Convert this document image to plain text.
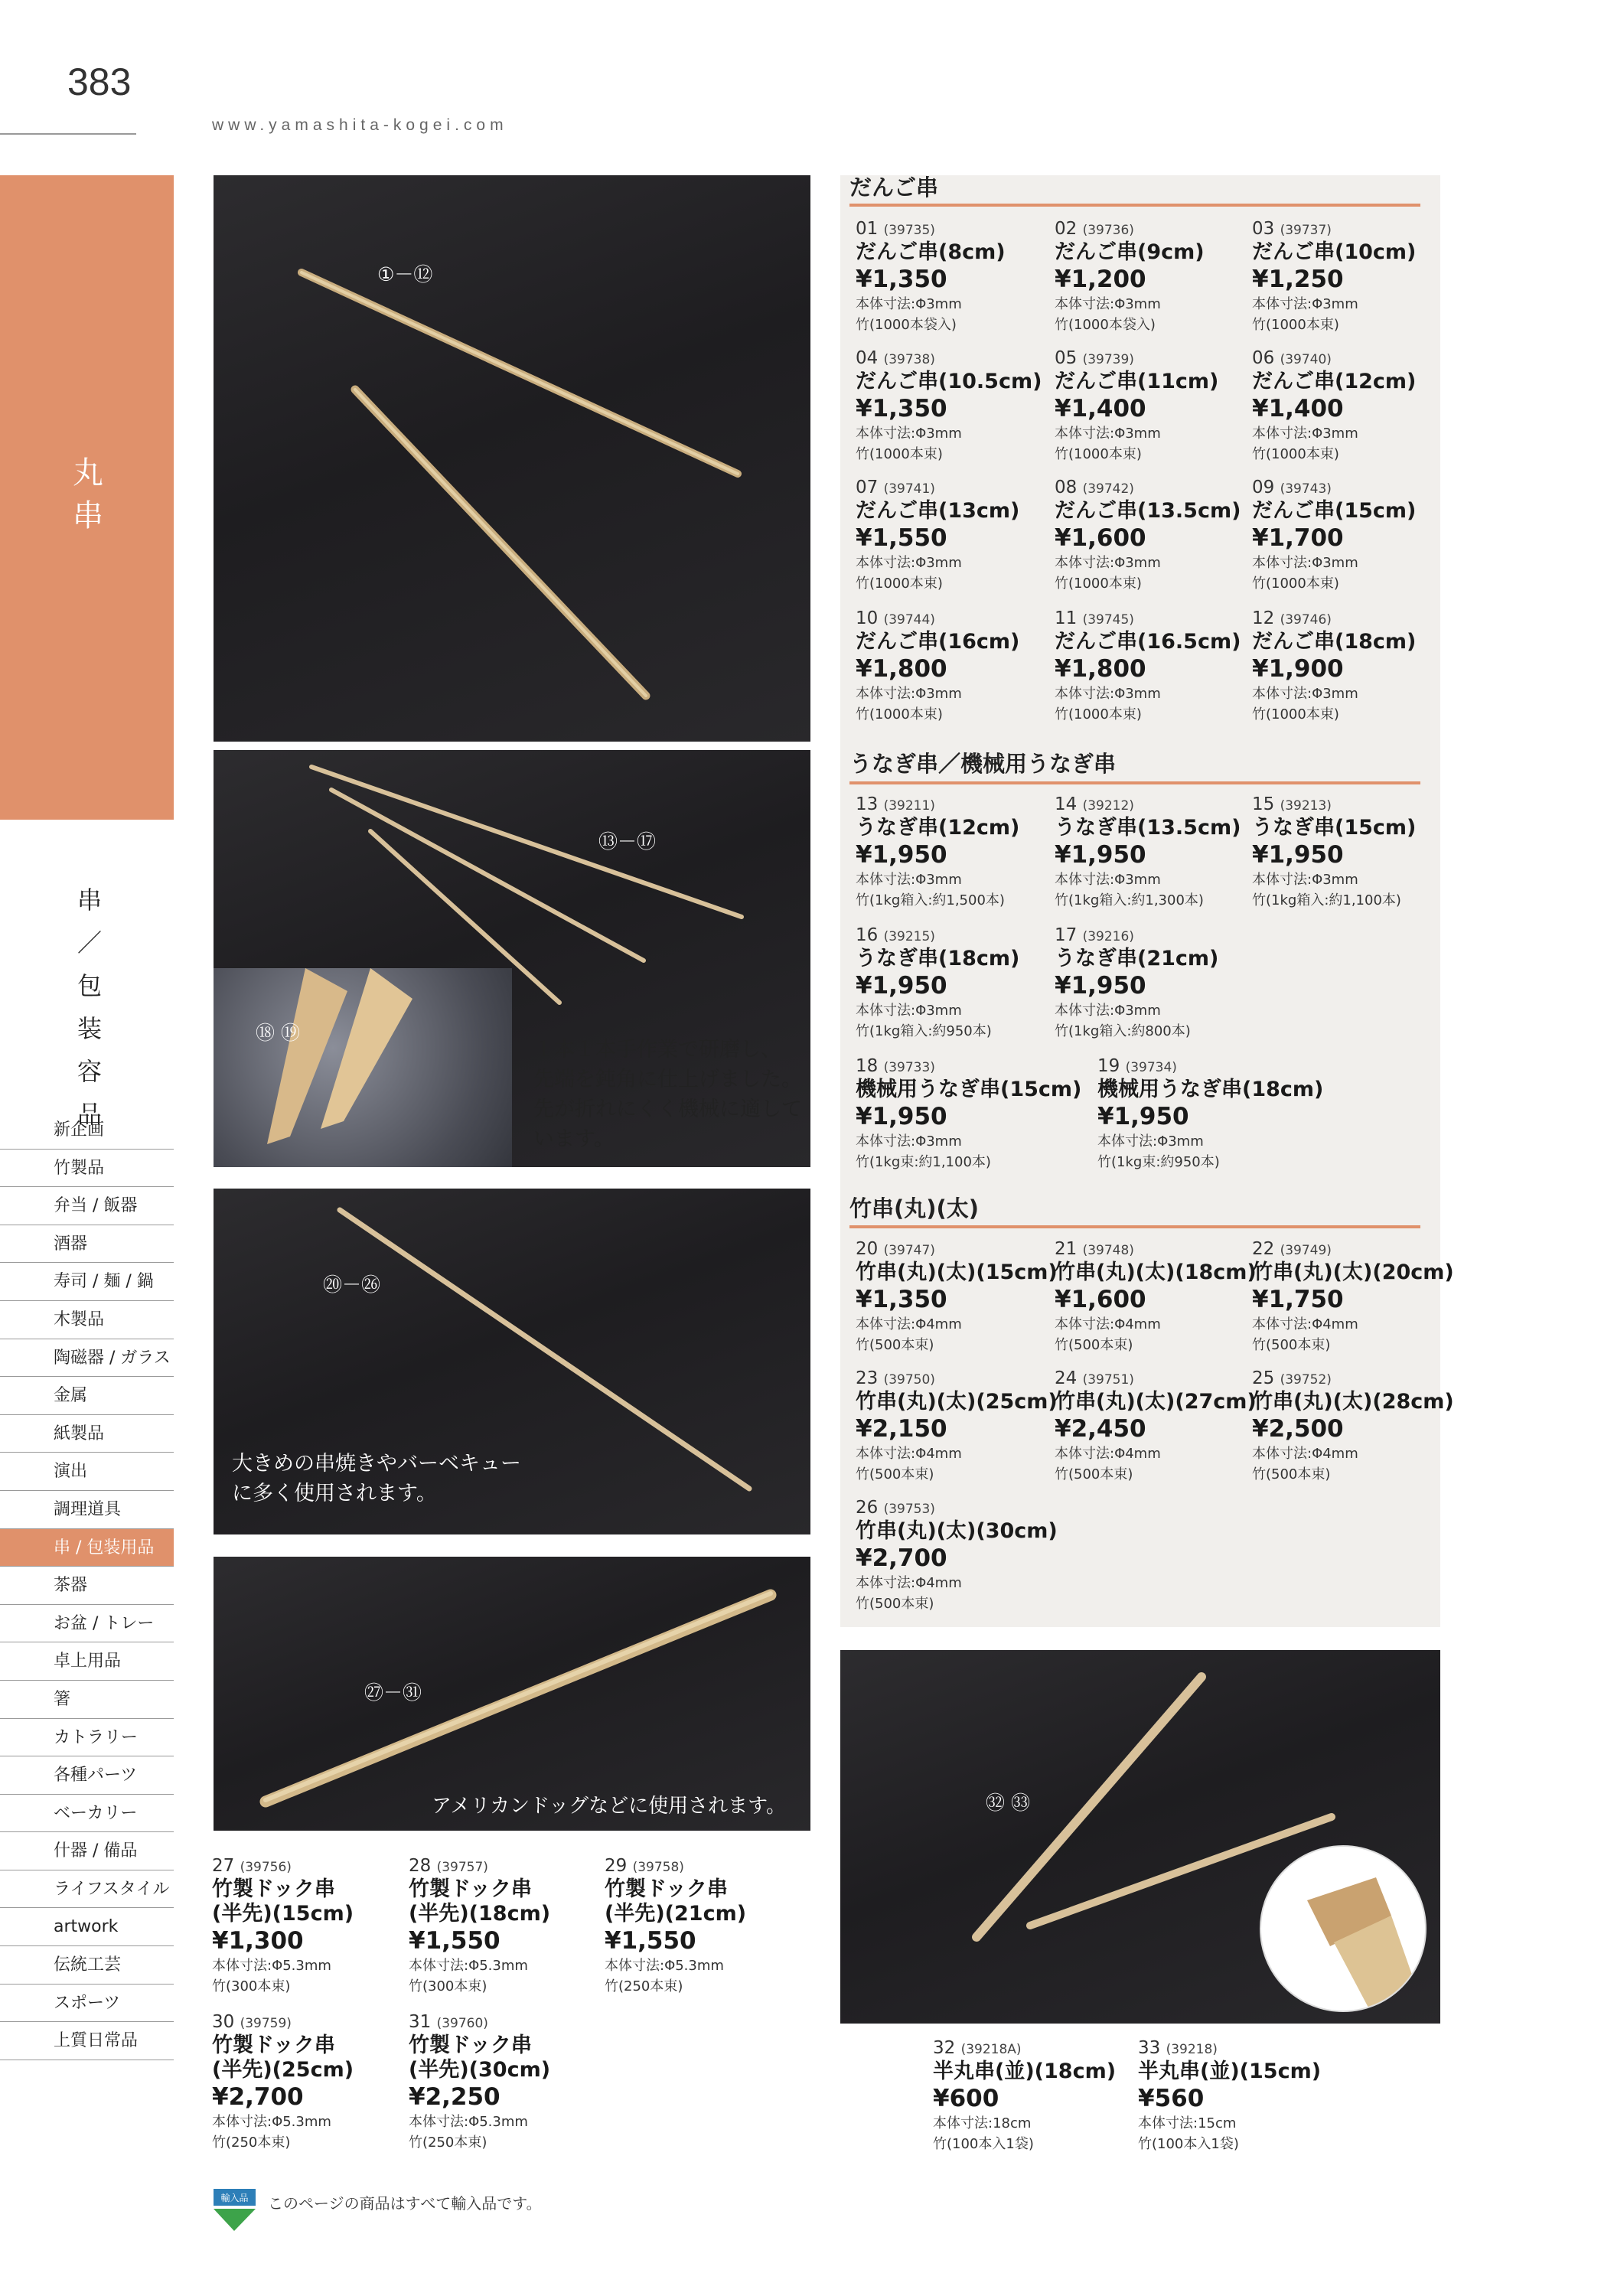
383
www.yamashita-kogei.com
丸串
串／包装容品
新企画
竹製品
弁当 / 飯器
酒器
寿司 / 麺 / 鍋
木製品
陶磁器 / ガラス
金属
紙製品
演出
調理道具
串 / 包装用品
茶器
お盆 / トレー
卓上用品
箸
カトラリー
各種パーツ
ベーカリー
什器 / 備品
ライフスタイル
artwork
伝統工芸
スポーツ
上質日常品
①－⑫
⑬－⑰
⑱ ⑲
１本１本手作業で研磨し、
先端を鈍角に仕上げました。
先が折れにくく機械に適して
います。
⑳－㉖
大きめの串焼きやバーベキュー
に多く使用されます。
㉗－㉛
アメリカンドッグなどに使用されます。	㉜ ㉝
だんご串
うなぎ串／機械用うなぎ串
竹串(丸)(太)
01 (39735)
だんご串(8cm)
¥1,350
本体寸法:Φ3mm
竹(1000本袋入)
02 (39736)
だんご串(9cm)
¥1,200
本体寸法:Φ3mm
竹(1000本袋入)
03 (39737)
だんご串(10cm)
¥1,250
本体寸法:Φ3mm
竹(1000本束)
04 (39738)
だんご串(10.5cm)
¥1,350
本体寸法:Φ3mm
竹(1000本束)
05 (39739)
だんご串(11cm)
¥1,400
本体寸法:Φ3mm
竹(1000本束)
06 (39740)
だんご串(12cm)
¥1,400
本体寸法:Φ3mm
竹(1000本束)
07 (39741)
だんご串(13cm)
¥1,550
本体寸法:Φ3mm
竹(1000本束)
08 (39742)
だんご串(13.5cm)
¥1,600
本体寸法:Φ3mm
竹(1000本束)
09 (39743)
だんご串(15cm)
¥1,700
本体寸法:Φ3mm
竹(1000本束)
10 (39744)
だんご串(16cm)
¥1,800
本体寸法:Φ3mm
竹(1000本束)
11 (39745)
だんご串(16.5cm)
¥1,800
本体寸法:Φ3mm
竹(1000本束)
12 (39746)
だんご串(18cm)
¥1,900
本体寸法:Φ3mm
竹(1000本束)
13 (39211)
うなぎ串(12cm)
¥1,950
本体寸法:Φ3mm
竹(1kg箱入:約1,500本)
14 (39212)
うなぎ串(13.5cm)
¥1,950
本体寸法:Φ3mm
竹(1kg箱入:約1,300本)
15 (39213)
うなぎ串(15cm)
¥1,950
本体寸法:Φ3mm
竹(1kg箱入:約1,100本)
16 (39215)
うなぎ串(18cm)
¥1,950
本体寸法:Φ3mm
竹(1kg箱入:約950本)
17 (39216)
うなぎ串(21cm)
¥1,950
本体寸法:Φ3mm
竹(1kg箱入:約800本)
18 (39733)
機械用うなぎ串(15cm)
¥1,950
本体寸法:Φ3mm
竹(1kg束:約1,100本)
19 (39734)
機械用うなぎ串(18cm)
¥1,950
本体寸法:Φ3mm
竹(1kg束:約950本)
20 (39747)
竹串(丸)(太)(15cm)
¥1,350
本体寸法:Φ4mm
竹(500本束)
21 (39748)
竹串(丸)(太)(18cm)
¥1,600
本体寸法:Φ4mm
竹(500本束)
22 (39749)
竹串(丸)(太)(20cm)
¥1,750
本体寸法:Φ4mm
竹(500本束)
23 (39750)
竹串(丸)(太)(25cm)
¥2,150
本体寸法:Φ4mm
竹(500本束)
24 (39751)
竹串(丸)(太)(27cm)
¥2,450
本体寸法:Φ4mm
竹(500本束)
25 (39752)
竹串(丸)(太)(28cm)
¥2,500
本体寸法:Φ4mm
竹(500本束)
26 (39753)
竹串(丸)(太)(30cm)
¥2,700
本体寸法:Φ4mm
竹(500本束)
27 (39756)
竹製ドック串
(半先)(15cm)
¥1,300
本体寸法:Φ5.3mm
竹(300本束)
28 (39757)
竹製ドック串
(半先)(18cm)
¥1,550
本体寸法:Φ5.3mm
竹(300本束)
29 (39758)
竹製ドック串
(半先)(21cm)
¥1,550
本体寸法:Φ5.3mm
竹(250本束)
30 (39759)
竹製ドック串
(半先)(25cm)
¥2,700
本体寸法:Φ5.3mm
竹(250本束)
31 (39760)
竹製ドック串
(半先)(30cm)
¥2,250
本体寸法:Φ5.3mm
竹(250本束)
32 (39218A)
半丸串(並)(18cm)
¥600
本体寸法:18cm
竹(100本入1袋)
33 (39218)
半丸串(並)(15cm)
¥560
本体寸法:15cm
竹(100本入1袋)
輸入品 このページの商品はすべて輸入品です。
